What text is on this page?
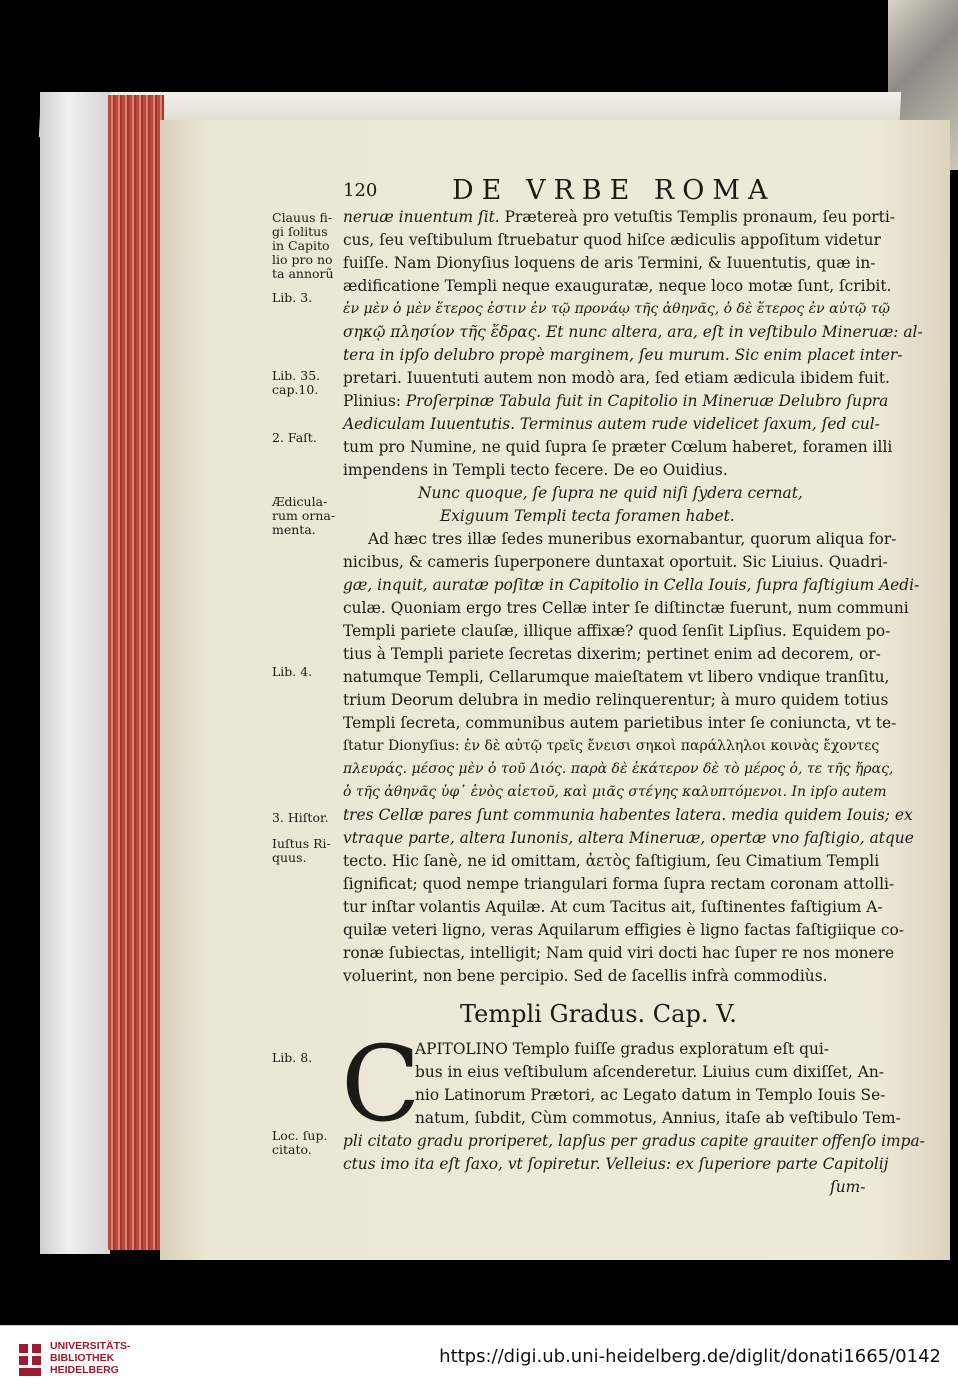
120	DE VRBE ROMA
neruæ inuentum ſit. Prætereà pro vetuſtis Templis pronaum, ſeu porti-
cus, ſeu veſtibulum ſtruebatur quod hiſce ædiculis appoſitum videtur
fuiſſe. Nam Dionyſius loquens de aris Termini, & Iuuentutis, quæ in-
ædificatione Templi neque exauguratæ, neque loco motæ ſunt, ſcribit.
ἐν μὲν ὁ μὲν ἕτερος ἐστιν ἐν τῷ προνάῳ τῆς ἀθηνᾶς, ὁ δὲ ἕτερος ἐν αὐτῷ τῷ
σηκῷ πλησίον τῆς ἕδρας. Et nunc altera, ara, eſt in veſtibulo Mineruæ: al-
tera in ipſo delubro propè marginem, ſeu murum. Sic enim placet inter-
pretari. Iuuentuti autem non modò ara, ſed etiam ædicula ibidem fuit.
Plinius: Proſerpinæ Tabula fuit in Capitolio in Mineruæ Delubro ſupra
Aediculam Iuuentutis. Terminus autem rude videlicet ſaxum, ſed cul-
tum pro Numine, ne quid ſupra ſe præter Cœlum haberet, foramen illi
impendens in Templi tecto fecere. De eo Ouidius.
Nunc quoque, ſe ſupra ne quid niſi ſydera cernat,
Exiguum Templi tecta foramen habet.
Ad hæc tres illæ ſedes muneribus exornabantur, quorum aliqua for-
nicibus, & cameris ſuperponere duntaxat oportuit. Sic Liuius. Quadri-
gæ, inquit, auratæ poſitæ in Capitolio in Cella Iouis, ſupra faſtigium Aedi-
culæ. Quoniam ergo tres Cellæ inter ſe diſtinctæ fuerunt, num communi
Templi pariete clauſæ, illique affixæ? quod ſenſit Lipſius. Equidem po-
tius à Templi pariete ſecretas dixerim; pertinet enim ad decorem, or-
natumque Templi, Cellarumque maieſtatem vt libero vndique tranſitu,
trium Deorum delubra in medio relinquerentur; à muro quidem totius
Templi ſecreta, communibus autem parietibus inter ſe coniuncta, vt te-
ſtatur Dionyſius: ἐν δὲ αὐτῷ τρεῖς ἔνεισι σηκοὶ παράλληλοι κοινὰς ἔχοντες
πλευράς. μέσος μὲν ὁ τοῦ Διός. παρὰ δὲ ἑκάτερον δὲ τὸ μέρος ὁ, τε τῆς ἥρας,
ὁ τῆς ἀθηνᾶς ὑφ᾽ ἑνὸς αἰετοῦ, καὶ μιᾶς στέγης καλυπτόμενοι. In ipſo autem
tres Cellæ pares ſunt communia habentes latera. media quidem Iouis; ex
vtraque parte, altera Iunonis, altera Mineruæ, opertæ vno faſtigio, atque
tecto. Hic ſanè, ne id omittam, ἀετὸς faſtigium, ſeu Cimatium Templi
ſignificat; quod nempe triangulari forma ſupra rectam coronam attolli-
tur inſtar volantis Aquilæ. At cum Tacitus ait, ſuſtinentes faſtigium A-
quilæ veteri ligno, veras Aquilarum effigies è ligno factas faſtigiique co-
ronæ ſubiectas, intelligit; Nam quid viri docti hac ſuper re nos monere
voluerint, non bene percipio. Sed de ſacellis infrà commodiùs.
Templi Gradus. Cap. V.
C
APITOLINO Templo fuiſſe gradus exploratum eſt qui-
bus in eius veſtibulum aſcenderetur. Liuius cum dixiſſet, An-
nio Latinorum Prætori, ac Legato datum in Templo Iouis Se-
natum, ſubdit, Cùm commotus, Annius, itaſe ab veſtibulo Tem-
pli citato gradu proriperet, lapſus per gradus capite grauiter offenſo impa-
ctus imo ita eſt ſaxo, vt ſopiretur. Velleius: ex ſuperiore parte Capitolij
ſum-
Clauus fi-
gi ſolitus
in Capito
lio pro no
ta annorũ
Lib. 3.
Lib. 35.
cap.10.
2. Faſt.
Ædicula-
rum orna-
menta.
Lib. 4.
3. Hiſtor.
Iuſtus Ri-
quus.
Lib. 8.
Loc. ſup.
citato.
UNIVERSITÄTS-
BIBLIOTHEK
HEIDELBERG
https://digi.ub.uni-heidelberg.de/diglit/donati1665/0142
